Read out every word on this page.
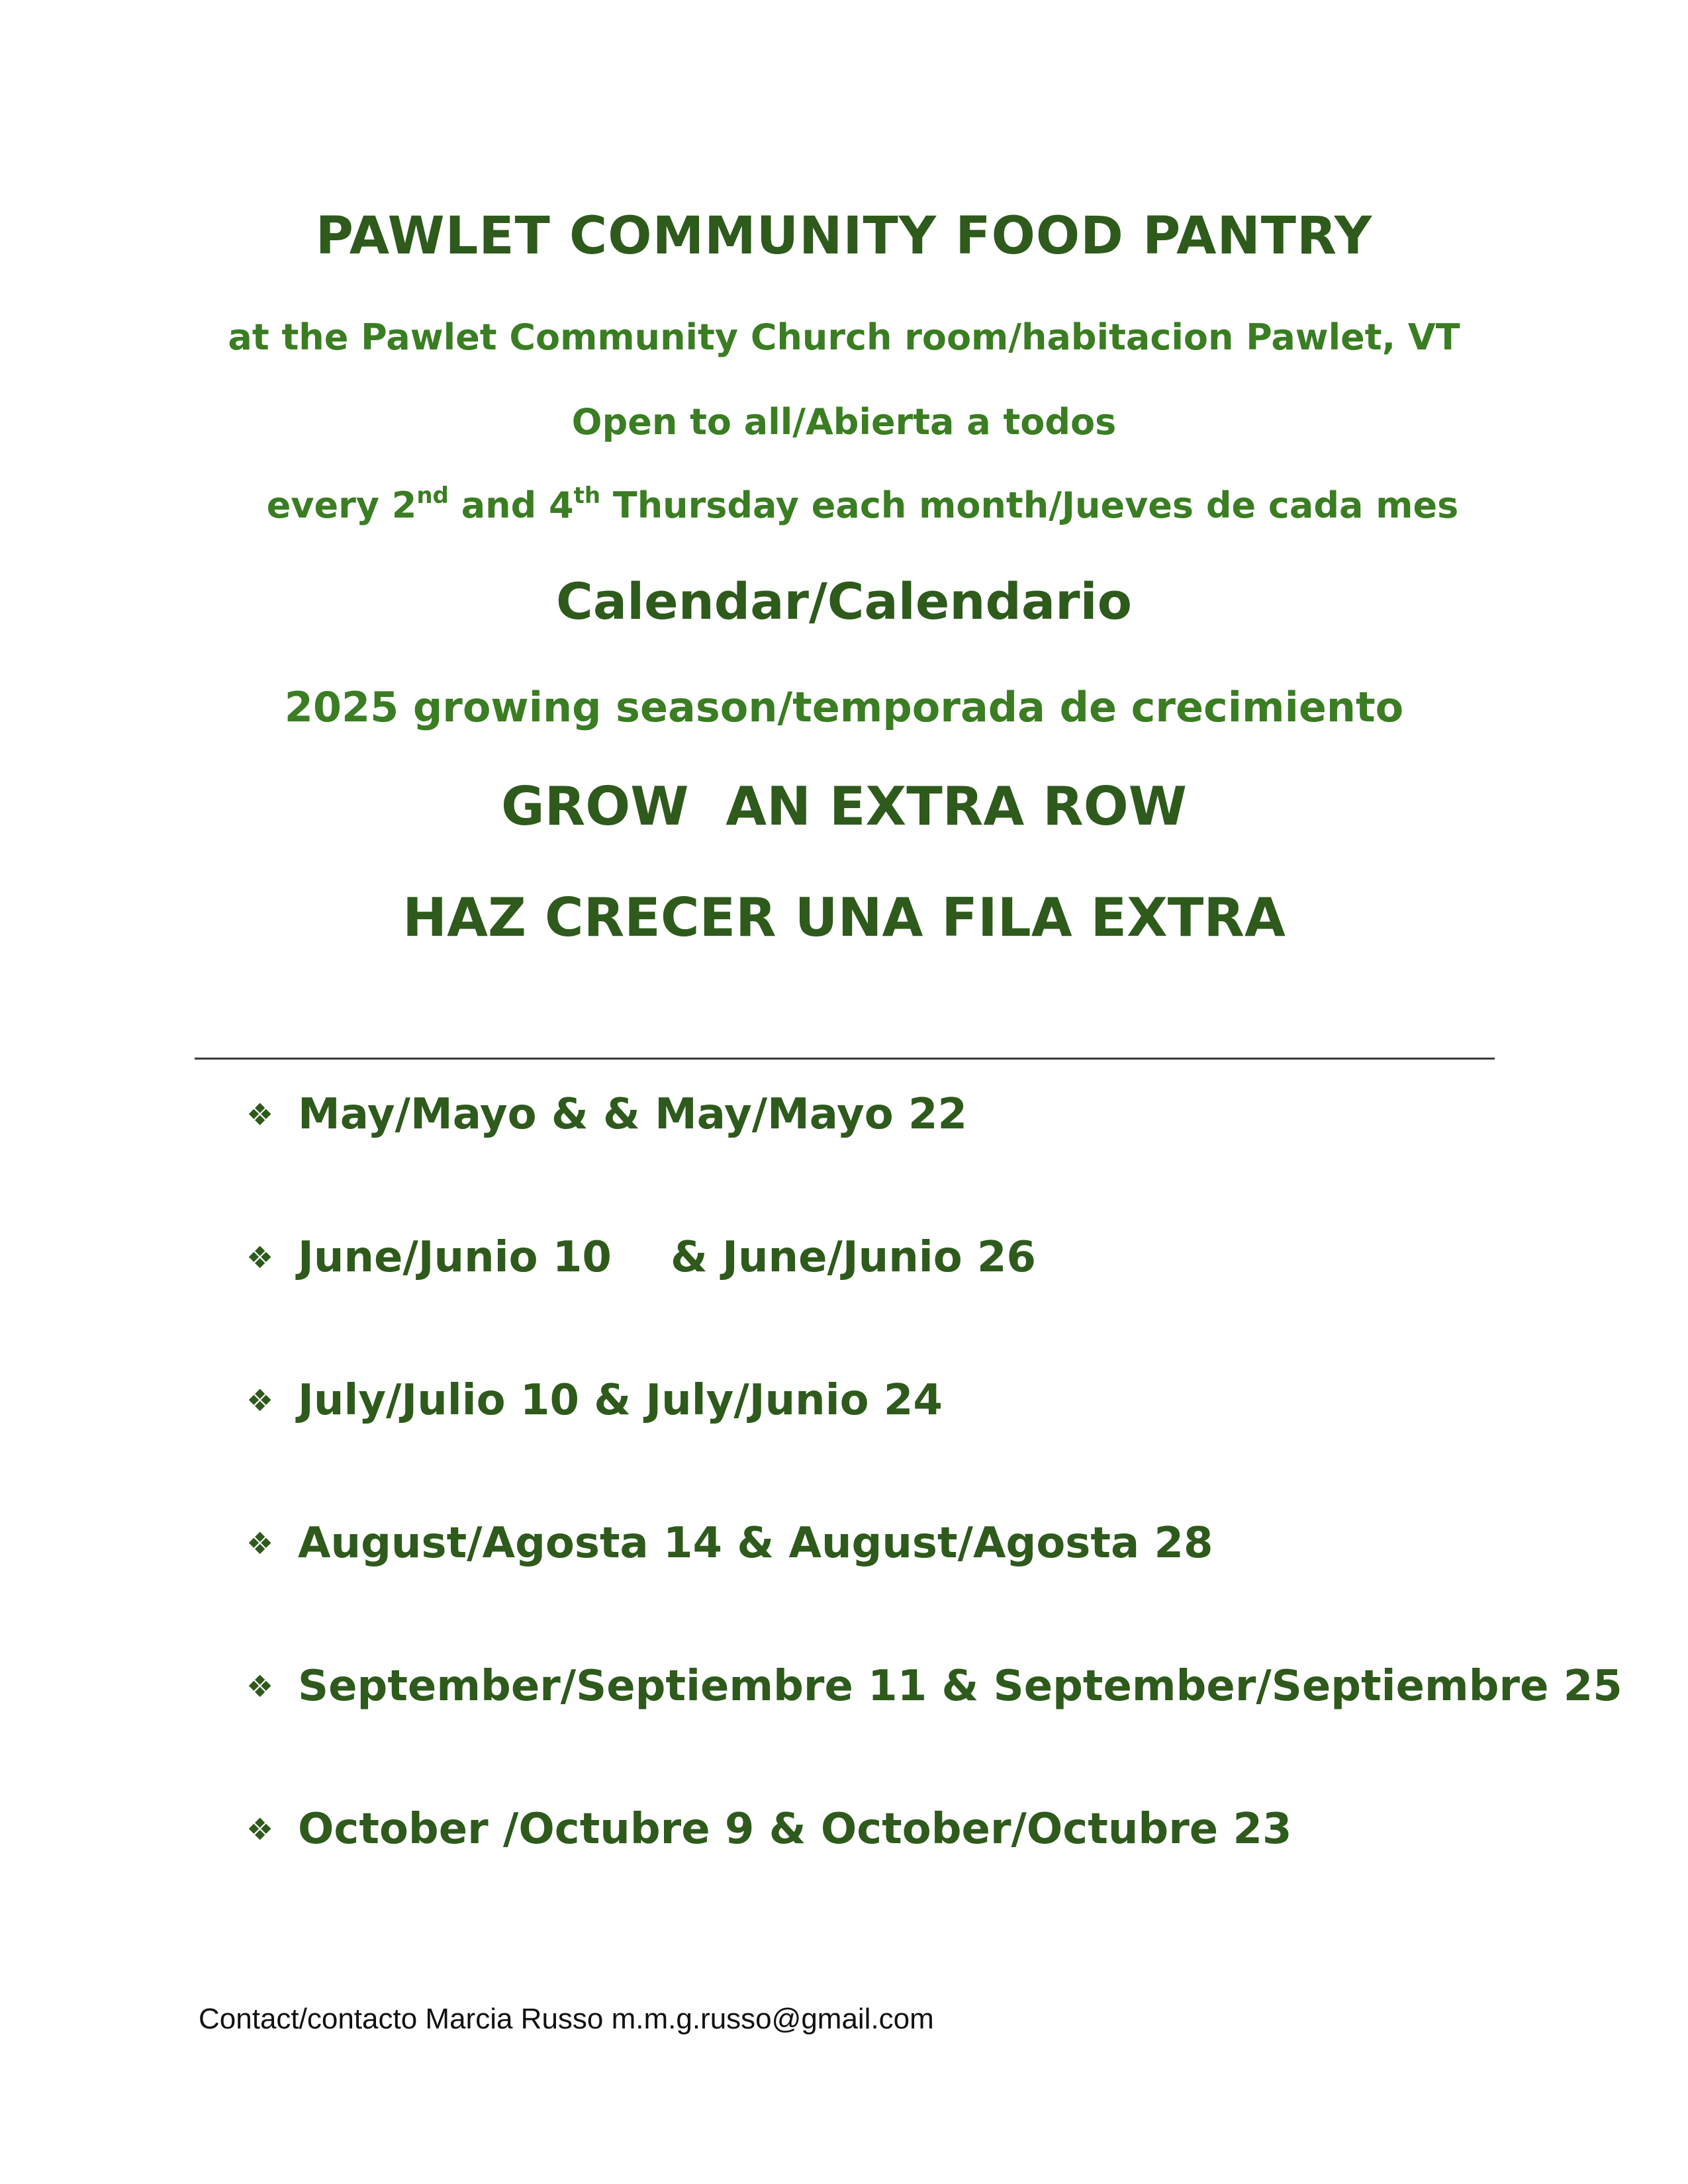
PAWLET COMMUNITY FOOD PANTRY
at the Pawlet Community Church room/habitacion Pawlet, VT
Open to all/Abierta a todos
every 2nd and 4th Thursday each month/Jueves de cada mes
Calendar/Calendario
2025 growing season/temporada de crecimiento
GROW  AN EXTRA ROW
HAZ CRECER UNA FILA EXTRA
❖ May/Mayo & & May/Mayo 22
❖ June/Junio 10    & June/Junio 26
❖ July/Julio 10 & July/Junio 24
❖ August/Agosta 14 & August/Agosta 28
❖ September/Septiembre 11 & September/Septiembre 25
❖ October /Octubre 9 & October/Octubre 23
Contact/contacto Marcia Russo m.m.g.russo@gmail.com
